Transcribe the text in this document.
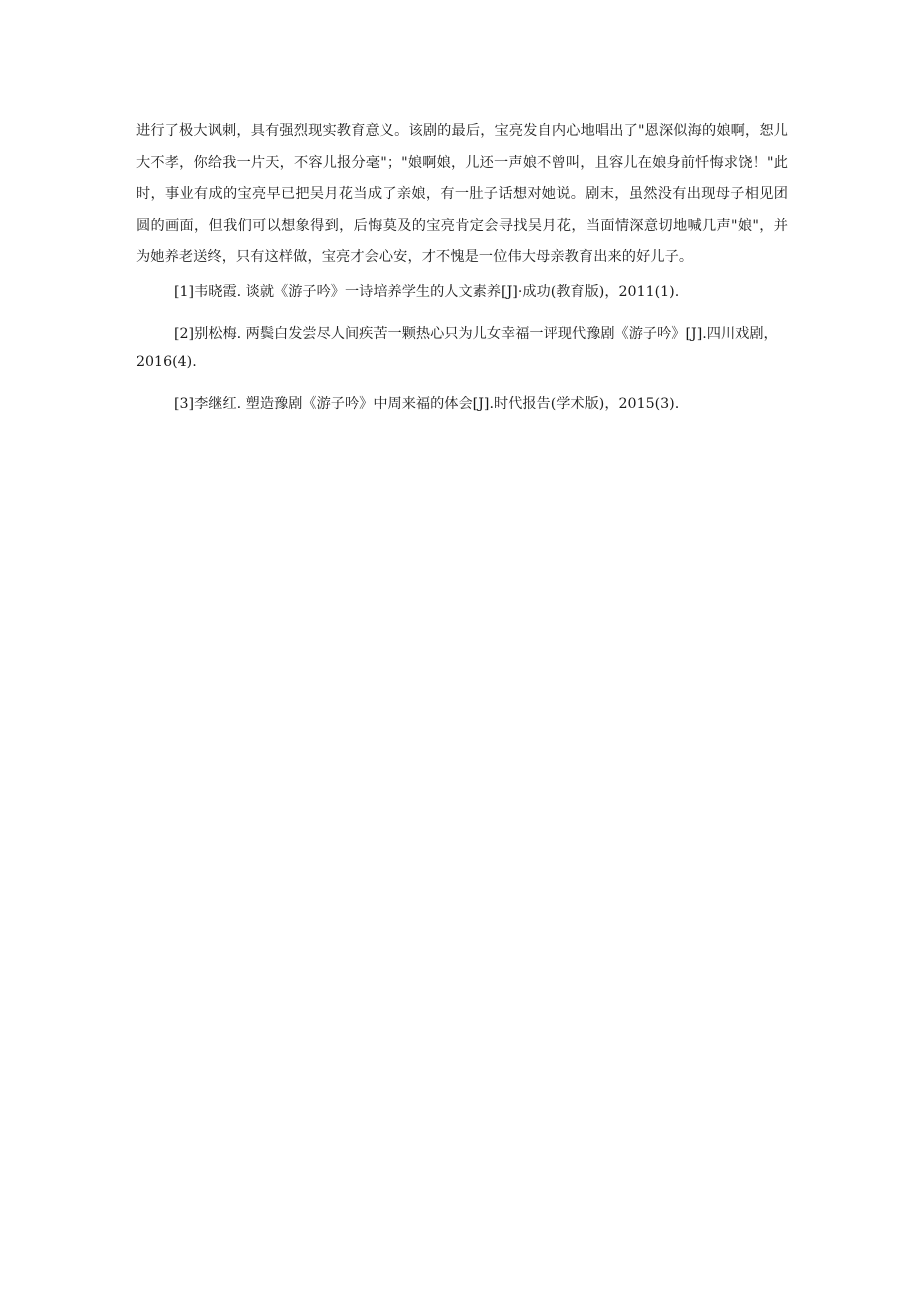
进行了极大讽刺，具有强烈现实教育意义。该剧的最后，宝亮发自内心地唱出了"恩深似海的娘啊，恕儿大不孝，你给我一片天，不容儿报分毫"；"娘啊娘，儿还一声娘不曾叫，且容儿在娘身前忏悔求饶！"此时，事业有成的宝亮早已把吴月花当成了亲娘，有一肚子话想对她说。剧末，虽然没有出现母子相见团圆的画面，但我们可以想象得到，后悔莫及的宝亮肯定会寻找吴月花，当面情深意切地喊几声"娘"，并为她养老送终，只有这样做，宝亮才会心安，才不愧是一位伟大母亲教育出来的好儿子。

[1]韦晓霞. 谈就《游子吟》一诗培养学生的人文素养[J]·成功(教育版)，2011(1).

[2]别松梅. 两鬓白发尝尽人间疾苦一颗热心只为儿女幸福一评现代豫剧《游子吟》[J].四川戏剧，2016(4).

[3]李继红. 塑造豫剧《游子吟》中周来福的体会[J].时代报告(学术版)，2015(3).
